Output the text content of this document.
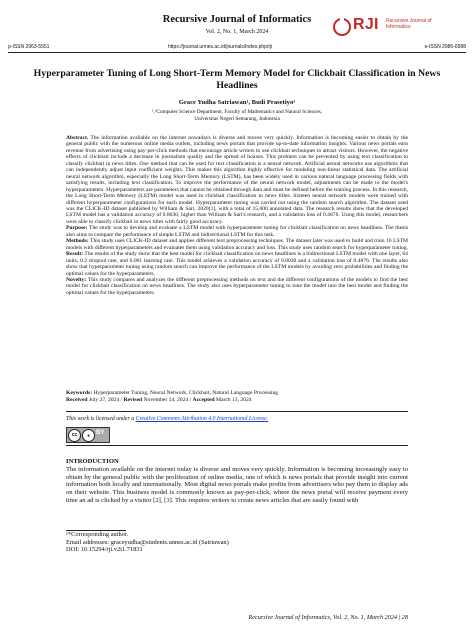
Recursive Journal of Informatics
Vol. 2, No. 1, March 2024	RJI Recursive Journal of Informatics
p-ISSN 2963-5551	https://journal.unnes.ac.id/journals/index.php/rji	e-ISSN 2986-6588
Hyperparameter Tuning of Long Short-Term Memory Model for Clickbait Classification in News Headlines
Grace Yudha Satriawan¹, Budi Prasetiyo²
¹,²Computer Science Department, Faculty of Mathematics and Natural Sciences,
Universitas Negeri Semarang, Indonesia

Abstract. The information available on the internet nowadays is diverse and moves very quickly. Information is becoming easier to obtain by the general public with the numerous online media outlets, including news portals that provide up-to-date information insights. Various news portals earn revenue from advertising using pay-per-click methods that encourage article writers to use clickbait techniques to attract visitors. However, the negative effects of clickbait include a decrease in journalism quality and the spread of hoaxes. This problem can be prevented by using text classification to classify clickbait in news titles. One method that can be used for text classification is a neural network. Artificial neural networks use algorithms that can independently adjust input coefficient weights. This makes this algorithm highly effective for modeling non-linear statistical data. The artificial neural network algorithm, especially the Long Short-Term Memory (LSTM), has been widely used in various natural language processing fields with satisfying results, including text classification. To improve the performance of the neural network model, adjustments can be made to the model's hyperparameters. Hyperparameters are parameters that cannot be obtained through data and must be defined before the training process. In this research, the Long Short-Term Memory (LSTM) model was used in clickbait classification in news titles. Sixteen neural network models were trained with different hyperparameter configurations for each model. Hyperparameter tuning was carried out using the random search algorithm. The dataset used was the CLICK-ID dataset published by William & Sari, 2020[1], with a total of 15,000 annotated data. The research results show that the developed LSTM model has a validation accuracy of 0.8030, higher than William & Sari's research, and a validation loss of 0.4876. Using this model, researchers were able to classify clickbait in news titles with fairly good accuracy.

Purpose: The study was to develop and evaluate a LSTM model with hyperparameter tuning for clickbait classification on news headlines. The thesis also aims to compare the performance of simple LSTM and bidirectional LSTM for this task.

Methods: This study uses CLICK-ID dataset and applies different text preprocessing techniques. The dataset later was used to build and train 16 LSTM models with different hyperparameters and evaluates them using validation accuracy and loss. This study uses random search for hyperparameter tuning.

Result: The results of the study show that the best model for clickbait classification on news headlines is a bidirectional LSTM model with one layer, 64 units, 0.2 dropout rate, and 0.001 learning rate. This model achieves a validation accuracy of 0.8030 and a validation loss of 0.4876. The results also show that hyperparameter tuning using random search can improve the performance of the LSTM models by avoiding zero probabilities and finding the optimal values for the hyperparameters.

Novelty: This study compares and analyzes the different preprocessing methods on text and the different configurations of the models to find the best model for clickbait classification on news headlines. The study also uses hyperparameter tuning to tune the model into the best model and finding the optimal values for the hyperparameters.

Keywords: Hyperparameter Tuning, Neural Network, Clickbait, Natural Language Processing

Received July 27, 2024 / Revised November 14, 2024 / Accepted March 13, 2024

This work is licensed under a Creative Commons Attribution 4.0 International License.
cc	●	BY
INTRODUCTION
The information available on the internet today is diverse and moves very quickly. Information is becoming increasingly easy to obtain by the general public with the proliferation of online media, one of which is news portals that provide insight into current information both locally and internationally. Most digital news portals make profits from advertisers who pay them to display ads on their website. This business model is commonly known as pay-per-click, where the news portal will receive payment every time an ad is clicked by a visitor [2], [3]. This requires writers to create news articles that are easily found with

¹*Corresponding author.

Email addresses: graceyudha@students.unnes.ac.id (Satriawan)

DOI: 10.15294/rji.v2i1.71831

Recursive Journal of Informatics, Vol. 2, No. 1, March 2024 | 28
